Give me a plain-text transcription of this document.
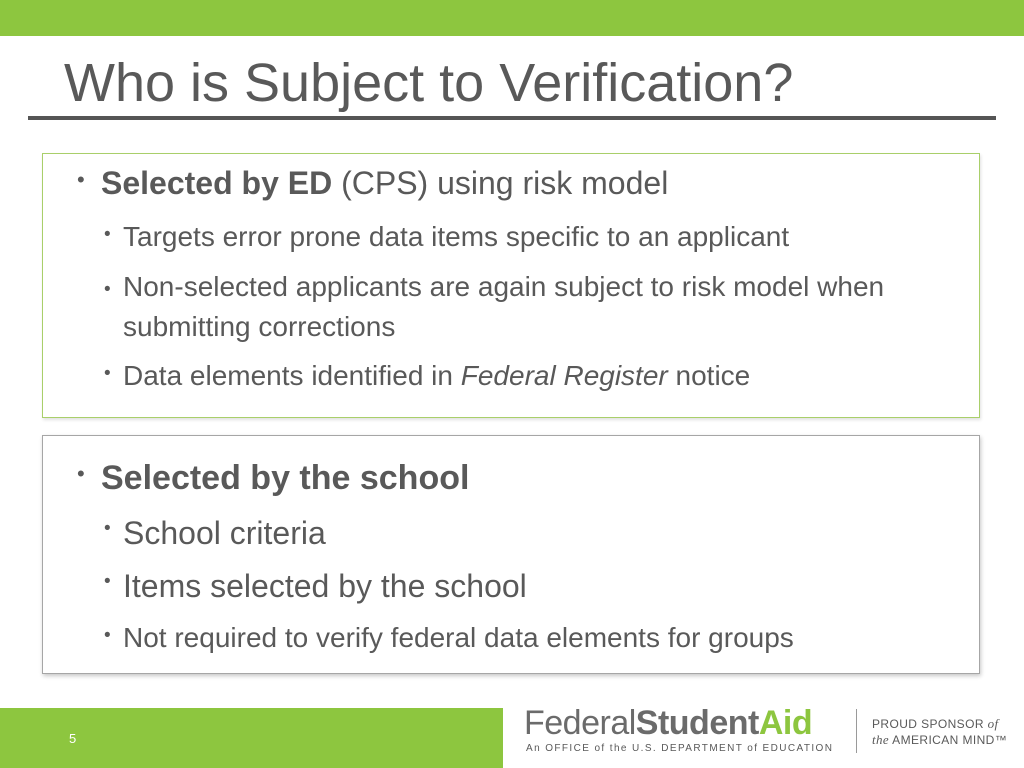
Who is Subject to Verification?
• Selected by ED (CPS) using risk model
• Targets error prone data items specific to an applicant
• Non-selected applicants are again subject to risk model when submitting corrections
• Data elements identified in Federal Register notice
• Selected by the school
• School criteria
• Items selected by the school
• Not required to verify federal data elements for groups
5	FederalStudentAid
An OFFICE of the U.S. DEPARTMENT of EDUCATION
PROUD SPONSOR of
the AMERICAN MIND™
